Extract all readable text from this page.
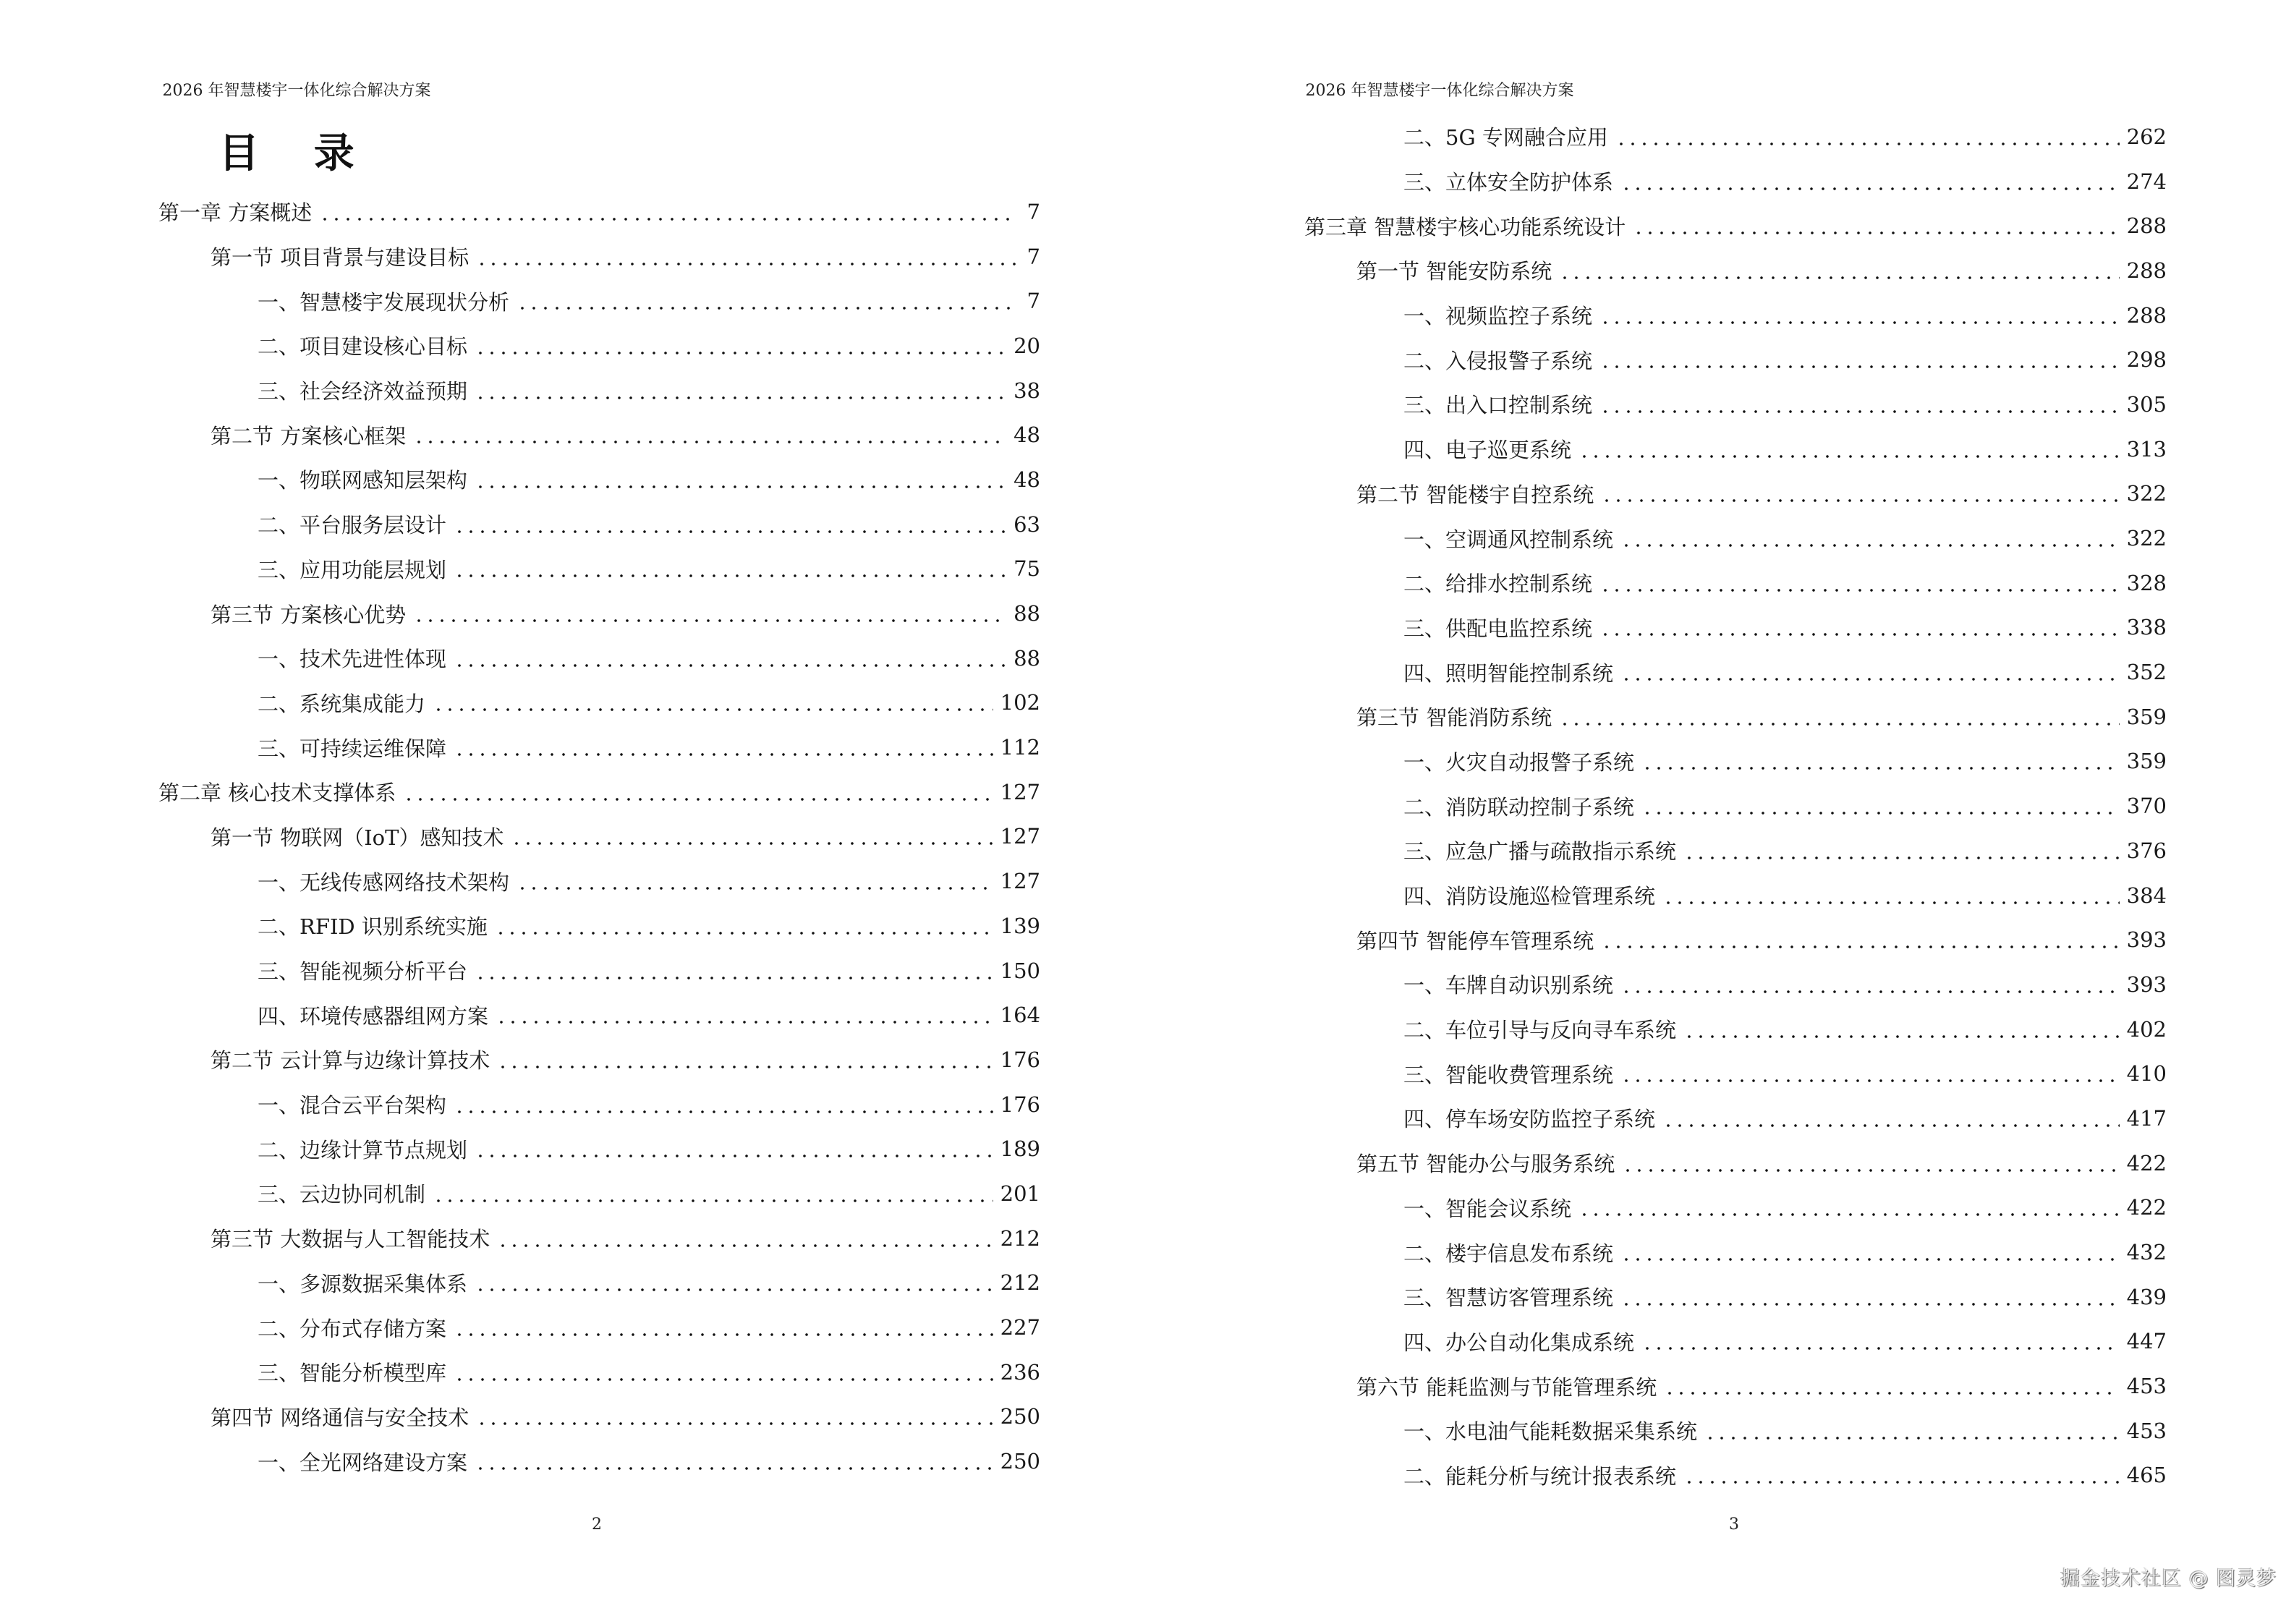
2026 年智慧楼宇一体化综合解决方案
目 录
第一章 方案概述	7
第一节 项目背景与建设目标	7
一、智慧楼宇发展现状分析	7
二、项目建设核心目标	20
三、社会经济效益预期	38
第二节 方案核心框架	48
一、物联网感知层架构	48
二、平台服务层设计	63
三、应用功能层规划	75
第三节 方案核心优势	88
一、技术先进性体现	88
二、系统集成能力	102
三、可持续运维保障	112
第二章 核心技术支撑体系	127
第一节 物联网（IoT）感知技术	127
一、无线传感网络技术架构	127
二、RFID 识别系统实施	139
三、智能视频分析平台	150
四、环境传感器组网方案	164
第二节 云计算与边缘计算技术	176
一、混合云平台架构	176
二、边缘计算节点规划	189
三、云边协同机制	201
第三节 大数据与人工智能技术	212
一、多源数据采集体系	212
二、分布式存储方案	227
三、智能分析模型库	236
第四节 网络通信与安全技术	250
一、全光网络建设方案	250
2
2026 年智慧楼宇一体化综合解决方案
二、5G 专网融合应用	262
三、立体安全防护体系	274
第三章 智慧楼宇核心功能系统设计	288
第一节 智能安防系统	288
一、视频监控子系统	288
二、入侵报警子系统	298
三、出入口控制系统	305
四、电子巡更系统	313
第二节 智能楼宇自控系统	322
一、空调通风控制系统	322
二、给排水控制系统	328
三、供配电监控系统	338
四、照明智能控制系统	352
第三节 智能消防系统	359
一、火灾自动报警子系统	359
二、消防联动控制子系统	370
三、应急广播与疏散指示系统	376
四、消防设施巡检管理系统	384
第四节 智能停车管理系统	393
一、车牌自动识别系统	393
二、车位引导与反向寻车系统	402
三、智能收费管理系统	410
四、停车场安防监控子系统	417
第五节 智能办公与服务系统	422
一、智能会议系统	422
二、楼宇信息发布系统	432
三、智慧访客管理系统	439
四、办公自动化集成系统	447
第六节 能耗监测与节能管理系统	453
一、水电油气能耗数据采集系统	453
二、能耗分析与统计报表系统	465
3
掘金技术社区 @ 图灵梦
